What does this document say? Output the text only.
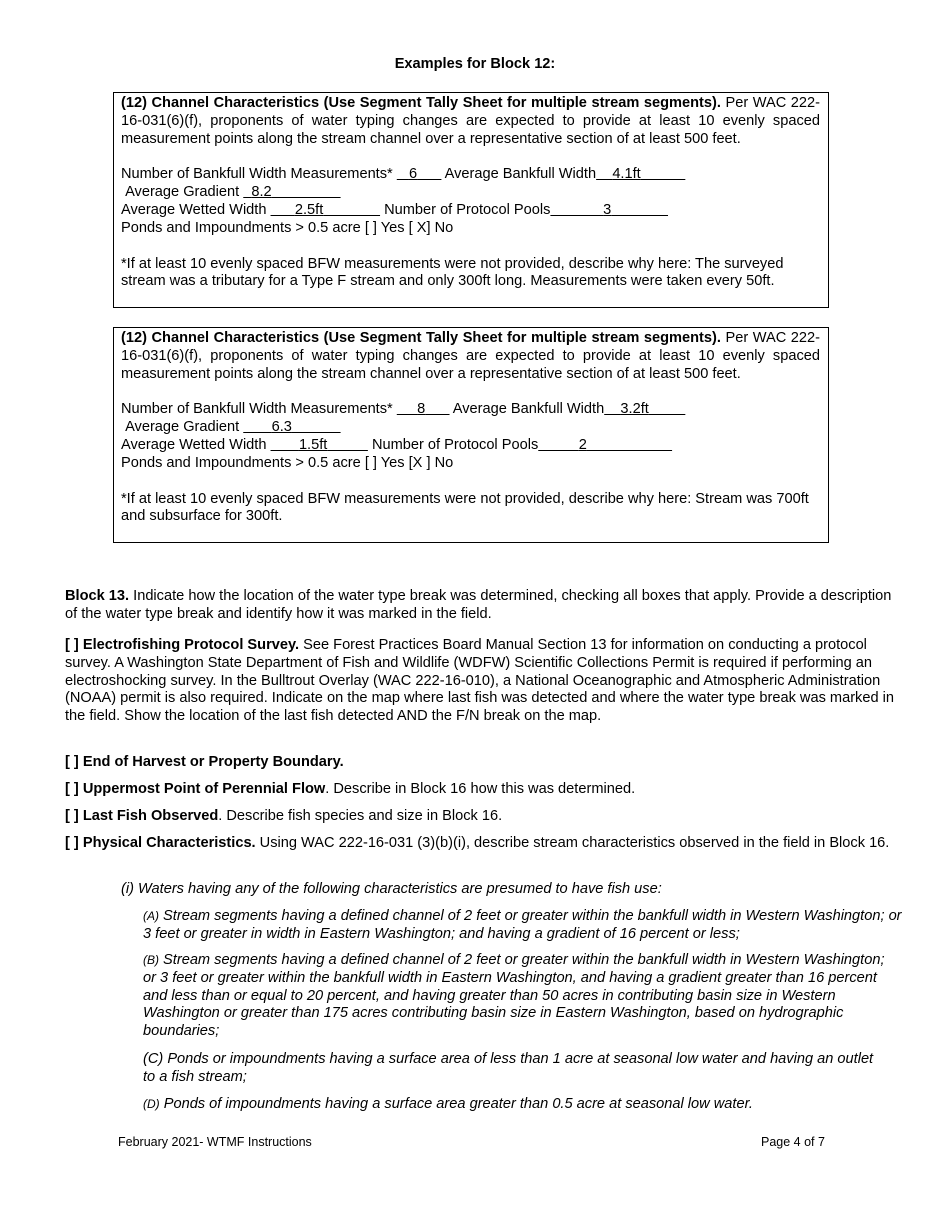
Examples for Block 12:
(12) Channel Characteristics (Use Segment Tally Sheet for multiple stream segments). Per WAC 222-16-031(6)(f), proponents of water typing changes are expected to provide at least 10 evenly spaced measurement points along the stream channel over a representative section of at least 500 feet.
Number of Bankfull Width Measurements* 6 Average Bankfull Width 4.1ft
Average Gradient 8.2
Average Wetted Width 2.5ft	Number of Protocol Pools	3
Ponds and Impoundments > 0.5 acre [ ] Yes [ X] No
*If at least 10 evenly spaced BFW measurements were not provided, describe why here: The surveyed stream was a tributary for a Type F stream and only 300ft long. Measurements were taken every 50ft.
(12) Channel Characteristics (Use Segment Tally Sheet for multiple stream segments). Per WAC 222-16-031(6)(f), proponents of water typing changes are expected to provide at least 10 evenly spaced measurement points along the stream channel over a representative section of at least 500 feet.
Number of Bankfull Width Measurements* 8 Average Bankfull Width 3.2ft
Average Gradient 6.3
Average Wetted Width 1.5ft	Number of Protocol Pools	2
Ponds and Impoundments > 0.5 acre [ ] Yes [X ] No
*If at least 10 evenly spaced BFW measurements were not provided, describe why here: Stream was 700ft and subsurface for 300ft.
Block 13. Indicate how the location of the water type break was determined, checking all boxes that apply. Provide a description of the water type break and identify how it was marked in the field.
[ ] Electrofishing Protocol Survey. See Forest Practices Board Manual Section 13 for information on conducting a protocol survey. A Washington State Department of Fish and Wildlife (WDFW) Scientific Collections Permit is required if performing an electroshocking survey. In the Bulltrout Overlay (WAC 222-16-010), a National Oceanographic and Atmospheric Administration (NOAA) permit is also required. Indicate on the map where last fish was detected and where the water type break was marked in the field. Show the location of the last fish detected AND the F/N break on the map.
[ ] End of Harvest or Property Boundary.
[ ] Uppermost Point of Perennial Flow. Describe in Block 16 how this was determined.
[ ] Last Fish Observed. Describe fish species and size in Block 16.
[ ] Physical Characteristics. Using WAC 222-16-031 (3)(b)(i), describe stream characteristics observed in the field in Block 16.
(i) Waters having any of the following characteristics are presumed to have fish use:
(A) Stream segments having a defined channel of 2 feet or greater within the bankfull width in Western Washington; or 3 feet or greater in width in Eastern Washington; and having a gradient of 16 percent or less;
(B) Stream segments having a defined channel of 2 feet or greater within the bankfull width in Western Washington; or 3 feet or greater within the bankfull width in Eastern Washington, and having a gradient greater than 16 percent and less than or equal to 20 percent, and having greater than 50 acres in contributing basin size in Western Washington or greater than 175 acres contributing basin size in Eastern Washington, based on hydrographic boundaries;
(C) Ponds or impoundments having a surface area of less than 1 acre at seasonal low water and having an outlet to a fish stream;
(D) Ponds of impoundments having a surface area greater than 0.5 acre at seasonal low water.
February 2021- WTMF Instructions	Page 4 of 7
